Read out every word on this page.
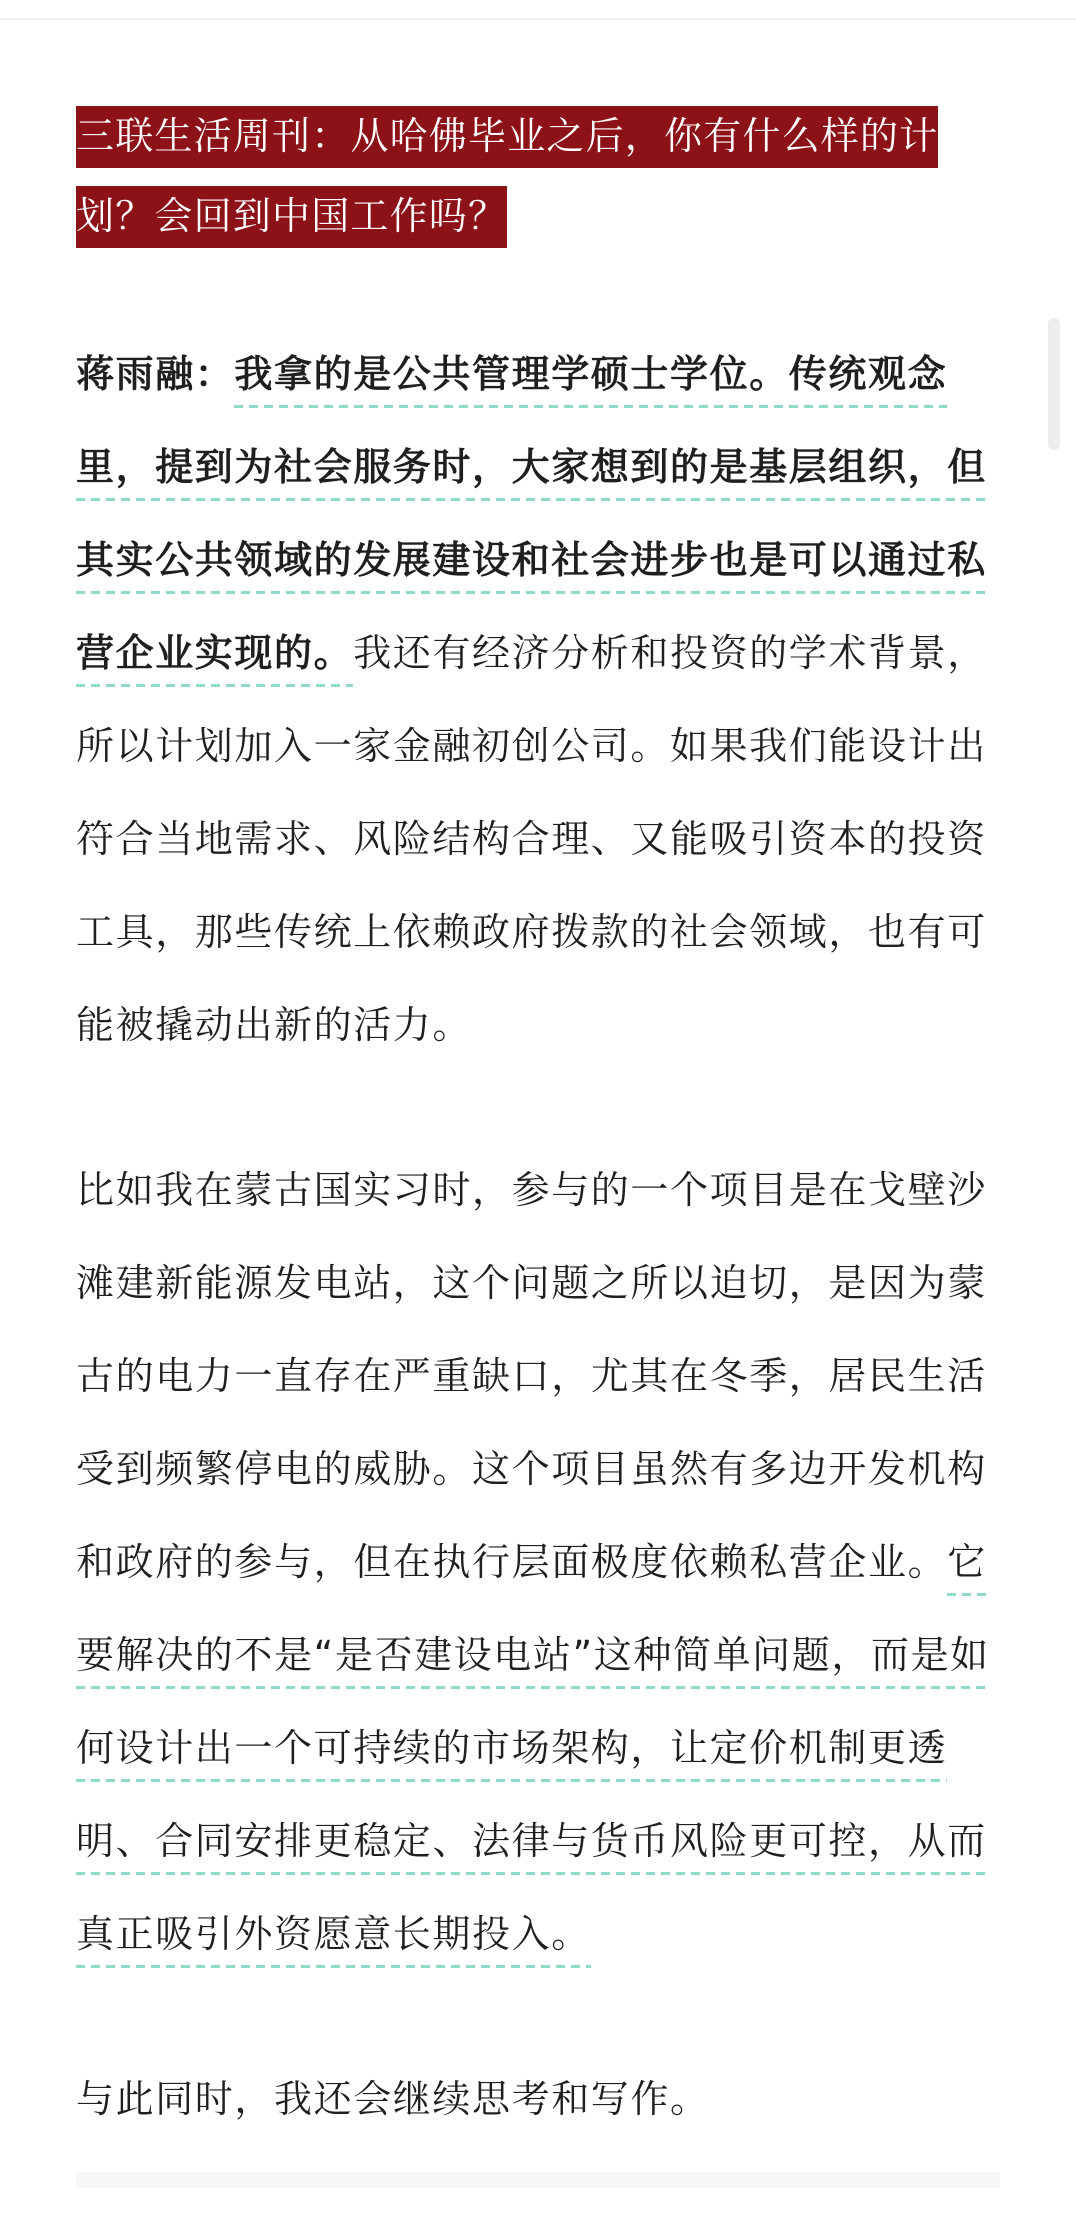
三联生活周刊：从哈佛毕业之后，你有什么样的计划？会回到中国工作吗？

蒋雨融：我拿的是公共管理学硕士学位。传统观念里，提到为社会服务时，大家想到的是基层组织，但其实公共领域的发展建设和社会进步也是可以通过私营企业实现的。我还有经济分析和投资的学术背景，所以计划加入一家金融初创公司。如果我们能设计出符合当地需求、风险结构合理、又能吸引资本的投资工具，那些传统上依赖政府拨款的社会领域，也有可能被撬动出新的活力。

比如我在蒙古国实习时，参与的一个项目是在戈壁沙滩建新能源发电站，这个问题之所以迫切，是因为蒙古的电力一直存在严重缺口，尤其在冬季，居民生活受到频繁停电的威胁。这个项目虽然有多边开发机构和政府的参与，但在执行层面极度依赖私营企业。它要解决的不是“是否建设电站”这种简单问题，而是如何设计出一个可持续的市场架构，让定价机制更透明、合同安排更稳定、法律与货币风险更可控，从而真正吸引外资愿意长期投入。

与此同时，我还会继续思考和写作。
